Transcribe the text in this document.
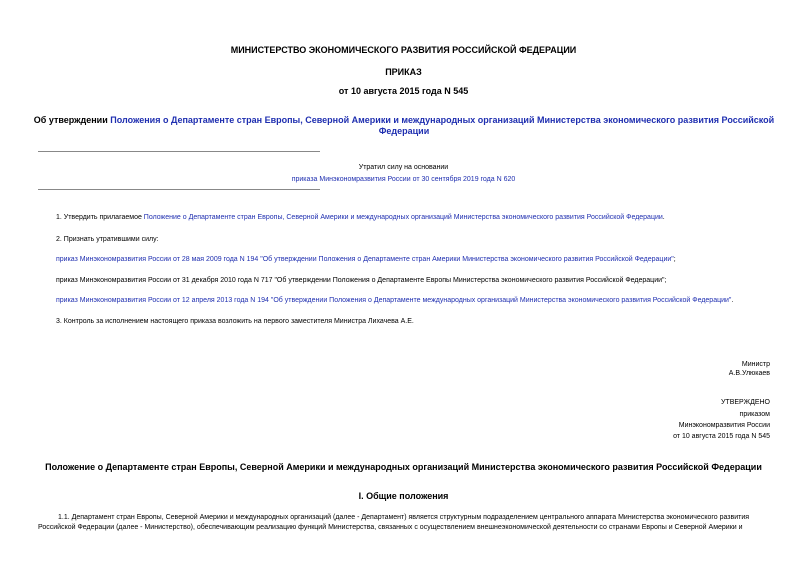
МИНИСТЕРСТВО ЭКОНОМИЧЕСКОГО РАЗВИТИЯ РОССИЙСКОЙ ФЕДЕРАЦИИ
ПРИКАЗ
от 10 августа 2015 года N 545
Об утверждении Положения о Департаменте стран Европы, Северной Америки и международных организаций Министерства экономического развития Российской Федерации
Утратил силу на основании
приказа Минэкономразвития России от 30 сентября 2019 года N 620
1. Утвердить прилагаемое Положение о Департаменте стран Европы, Северной Америки и международных организаций Министерства экономического развития Российской Федерации.
2. Признать утратившими силу:
приказ Минэкономразвития России от 28 мая 2009 года N 194 "Об утверждении Положения о Департаменте стран Америки Министерства экономического развития Российской Федерации";
приказ Минэкономразвития России от 31 декабря 2010 года N 717 "Об утверждении Положения о Департаменте Европы Министерства экономического развития Российской Федерации";
приказ Минэкономразвития России от 12 апреля 2013 года N 194 "Об утверждении Положения о Департаменте международных организаций Министерства экономического развития Российской Федерации".
3. Контроль за исполнением настоящего приказа возложить на первого заместителя Министра Лихачева А.Е.
Министр
А.В.Улюкаев
УТВЕРЖДЕНО
приказом
Минэкономразвития России
от 10 августа 2015 года N 545
Положение о Департаменте стран Европы, Северной Америки и международных организаций Министерства экономического развития Российской Федерации
I. Общие положения
1.1. Департамент стран Европы, Северной Америки и международных организаций (далее - Департамент) является структурным подразделением центрального аппарата Министерства экономического развития
Российской Федерации (далее - Министерство), обеспечивающим реализацию функций Министерства, связанных с осуществлением внешнеэкономической деятельности со странами Европы и Северной Америки и
